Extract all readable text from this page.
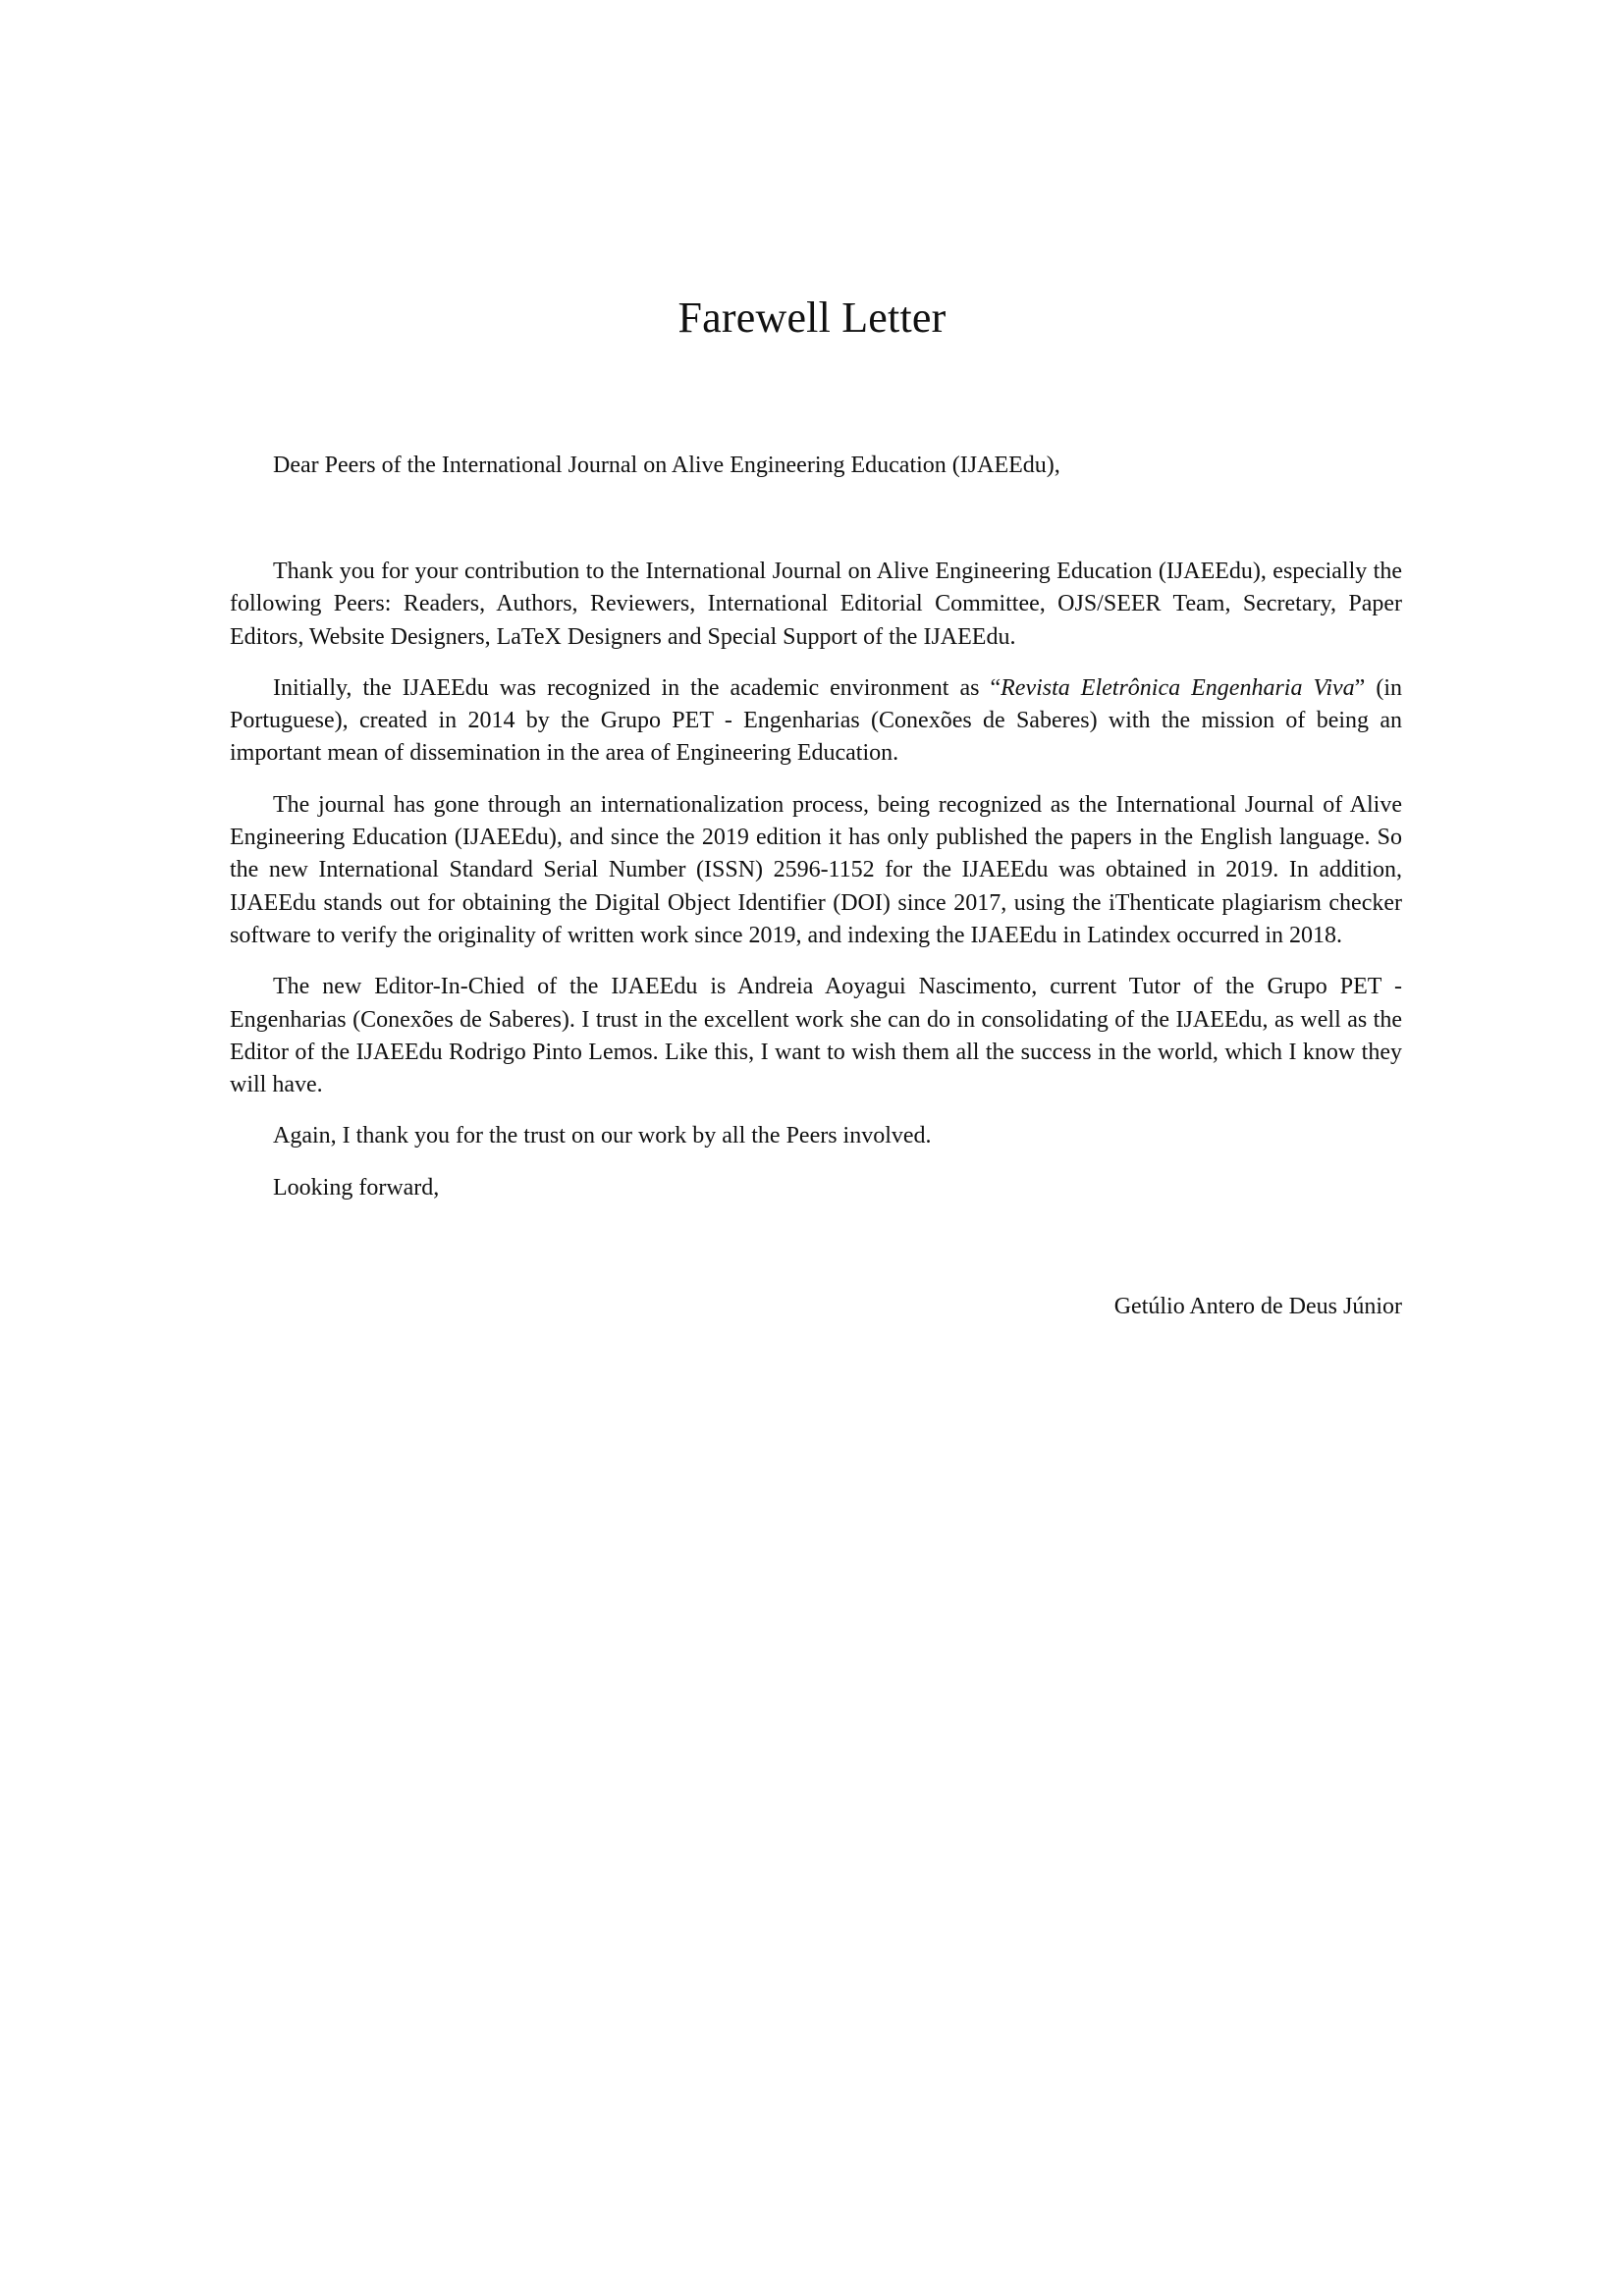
Farewell Letter

Dear Peers of the International Journal on Alive Engineering Education (IJAEEdu),

Thank you for your contribution to the International Journal on Alive Engineering Education (IJAEEdu), especially the following Peers: Readers, Authors, Reviewers, International Editorial Committee, OJS/SEER Team, Secretary, Paper Editors, Website Designers, LaTeX Designers and Special Support of the IJAEEdu.

Initially, the IJAEEdu was recognized in the academic environment as “Revista Eletrônica Engenharia Viva” (in Portuguese), created in 2014 by the Grupo PET - Engenharias (Conexões de Saberes) with the mission of being an important mean of dissemination in the area of Engineering Education.

The journal has gone through an internationalization process, being recognized as the International Journal of Alive Engineering Education (IJAEEdu), and since the 2019 edition it has only published the papers in the English language. So the new International Standard Serial Number (ISSN) 2596-1152 for the IJAEEdu was obtained in 2019. In addition, IJAEEdu stands out for obtaining the Digital Object Identifier (DOI) since 2017, using the iThenticate plagiarism checker software to verify the originality of written work since 2019, and indexing the IJAEEdu in Latindex occurred in 2018.

The new Editor-In-Chied of the IJAEEdu is Andreia Aoyagui Nascimento, current Tutor of the Grupo PET - Engenharias (Conexões de Saberes). I trust in the excellent work she can do in consolidating of the IJAEEdu, as well as the Editor of the IJAEEdu Rodrigo Pinto Lemos. Like this, I want to wish them all the success in the world, which I know they will have.

Again, I thank you for the trust on our work by all the Peers involved.

Looking forward,

Getúlio Antero de Deus Júnior
